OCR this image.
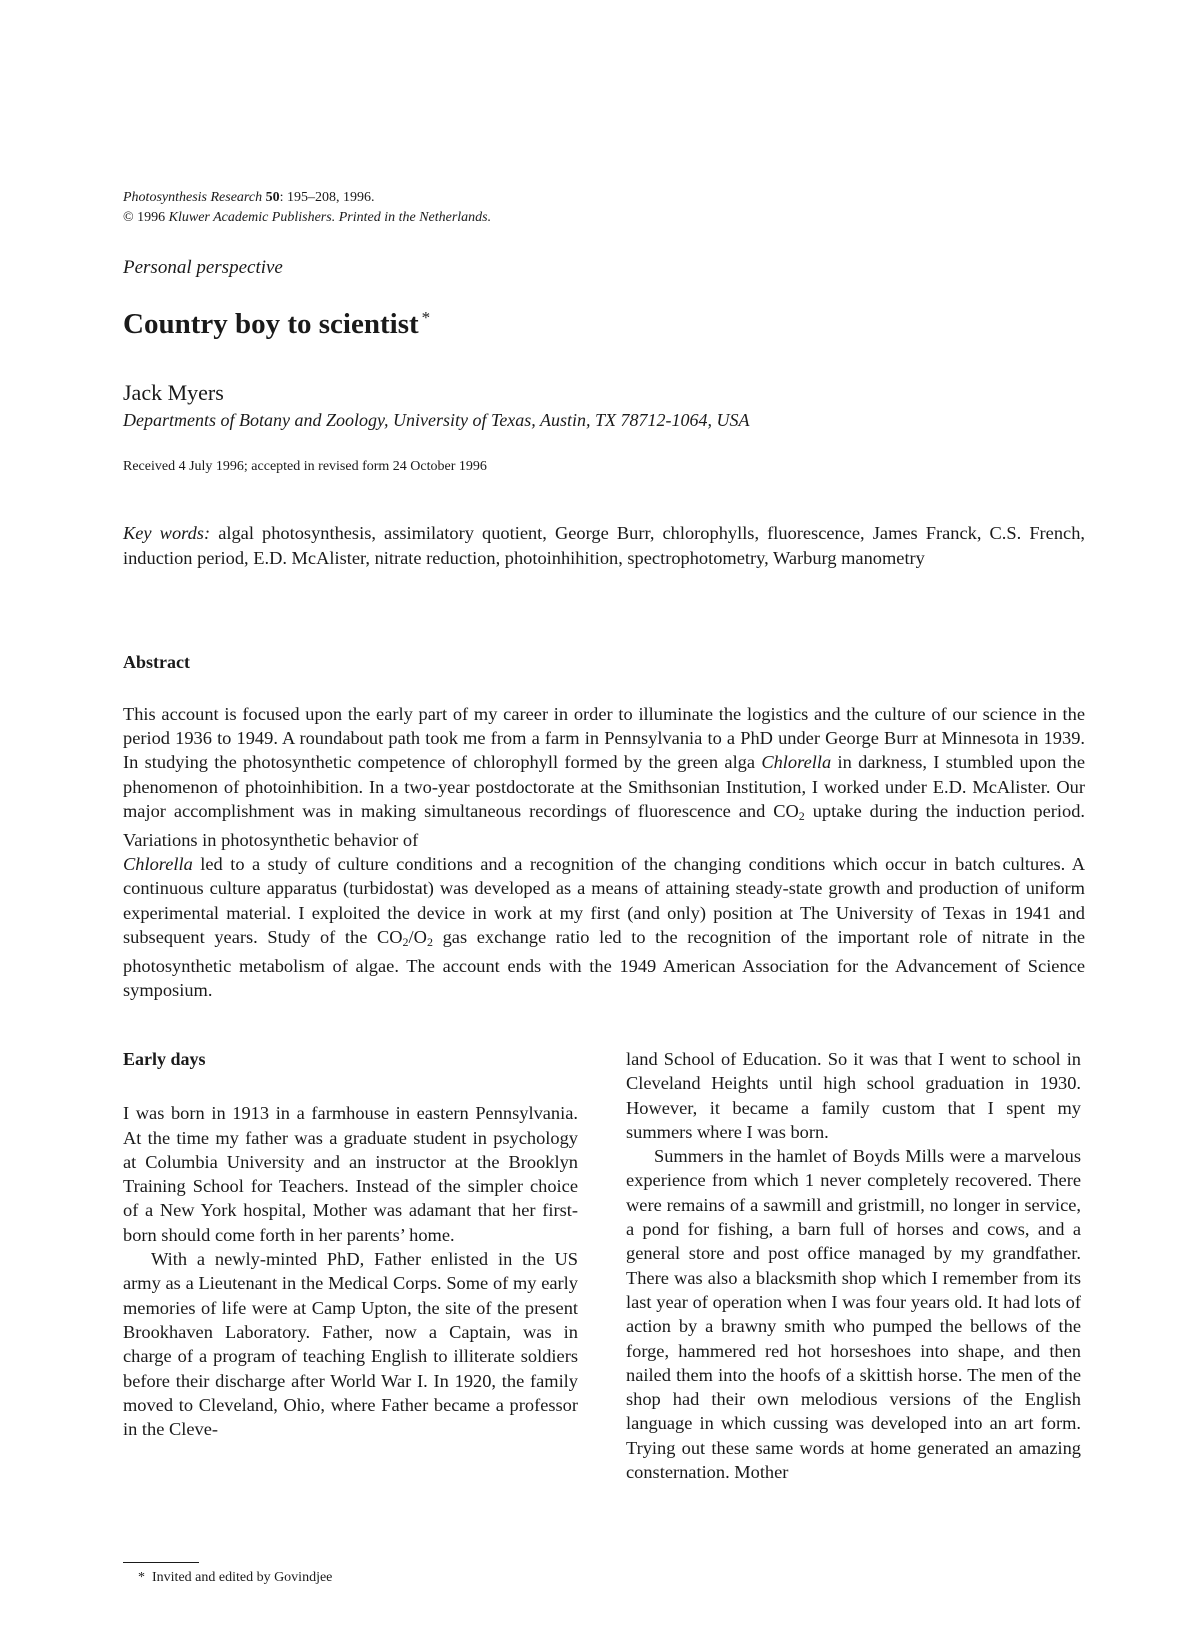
Photosynthesis Research 50: 195–208, 1996.
© 1996 Kluwer Academic Publishers. Printed in the Netherlands.
Personal perspective
Country boy to scientist *
Jack Myers
Departments of Botany and Zoology, University of Texas, Austin, TX 78712-1064, USA
Received 4 July 1996; accepted in revised form 24 October 1996
Key words: algal photosynthesis, assimilatory quotient, George Burr, chlorophylls, fluorescence, James Franck, C.S. French, induction period, E.D. McAlister, nitrate reduction, photoinhihition, spectrophotometry, Warburg manometry
Abstract
This account is focused upon the early part of my career in order to illuminate the logistics and the culture of our science in the period 1936 to 1949. A roundabout path took me from a farm in Pennsylvania to a PhD under George Burr at Minnesota in 1939. In studying the photosynthetic competence of chlorophyll formed by the green alga Chlorella in darkness, I stumbled upon the phenomenon of photoinhibition. In a two-year postdoctorate at the Smithsonian Institution, I worked under E.D. McAlister. Our major accomplishment was in making simultaneous recordings of fluorescence and $CO_2$ uptake during the induction period. Variations in photosynthetic behavior of
Chlorella led to a study of culture conditions and a recognition of the changing conditions which occur in batch cultures. A continuous culture apparatus (turbidostat) was developed as a means of attaining steady-state growth and production of uniform experimental material. I exploited the device in work at my first (and only) position at The University of Texas in 1941 and subsequent years. Study of the $CO_2/O_2$ gas exchange ratio led to the recognition of the important role of nitrate in the photosynthetic metabolism of algae. The account ends with the 1949 American Association for the Advancement of Science symposium.
Early days

I was born in 1913 in a farmhouse in eastern Pennsylvania. At the time my father was a graduate student in psychology at Columbia University and an instructor at the Brooklyn Training School for Teachers. Instead of the simpler choice of a New York hospital, Mother was adamant that her first-born should come forth in her parents’ home.

With a newly-minted PhD, Father enlisted in the US army as a Lieutenant in the Medical Corps. Some of my early memories of life were at Camp Upton, the site of the present Brookhaven Laboratory. Father, now a Captain, was in charge of a program of teaching English to illiterate soldiers before their discharge after World War I. In 1920, the family moved to Cleveland, Ohio, where Father became a professor in the Cleve-

land School of Education. So it was that I went to school in Cleveland Heights until high school graduation in 1930. However, it became a family custom that I spent my summers where I was born.

Summers in the hamlet of Boyds Mills were a marvelous experience from which 1 never completely recovered. There were remains of a sawmill and gristmill, no longer in service, a pond for fishing, a barn full of horses and cows, and a general store and post office managed by my grandfather. There was also a blacksmith shop which I remember from its last year of operation when I was four years old. It had lots of action by a brawny smith who pumped the bellows of the forge, hammered red hot horseshoes into shape, and then nailed them into the hoofs of a skittish horse. The men of the shop had their own melodious versions of the English language in which cussing was developed into an art form. Trying out these same words at home generated an amazing consternation. Mother

* Invited and edited by Govindjee
